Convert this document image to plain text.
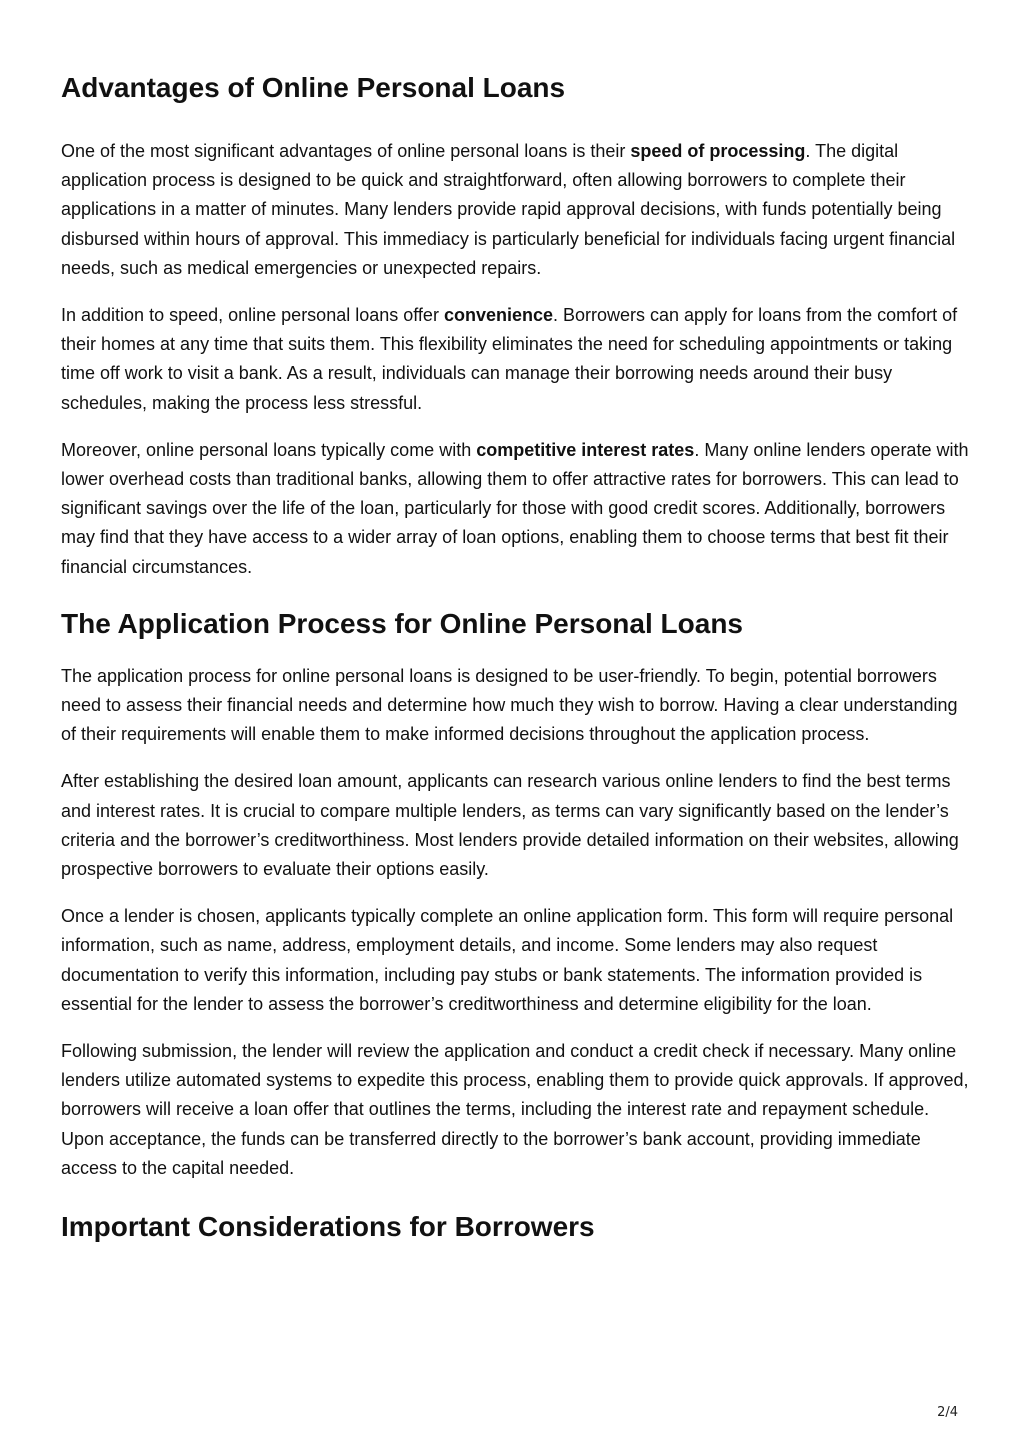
Advantages of Online Personal Loans

One of the most significant advantages of online personal loans is their speed of processing. The digital application process is designed to be quick and straightforward, often allowing borrowers to complete their applications in a matter of minutes. Many lenders provide rapid approval decisions, with funds potentially being disbursed within hours of approval. This immediacy is particularly beneficial for individuals facing urgent financial needs, such as medical emergencies or unexpected repairs.

In addition to speed, online personal loans offer convenience. Borrowers can apply for loans from the comfort of their homes at any time that suits them. This flexibility eliminates the need for scheduling appointments or taking time off work to visit a bank. As a result, individuals can manage their borrowing needs around their busy schedules, making the process less stressful.

Moreover, online personal loans typically come with competitive interest rates. Many online lenders operate with lower overhead costs than traditional banks, allowing them to offer attractive rates for borrowers. This can lead to significant savings over the life of the loan, particularly for those with good credit scores. Additionally, borrowers may find that they have access to a wider array of loan options, enabling them to choose terms that best fit their financial circumstances.

The Application Process for Online Personal Loans

The application process for online personal loans is designed to be user-friendly. To begin, potential borrowers need to assess their financial needs and determine how much they wish to borrow. Having a clear understanding of their requirements will enable them to make informed decisions throughout the application process.

After establishing the desired loan amount, applicants can research various online lenders to find the best terms and interest rates. It is crucial to compare multiple lenders, as terms can vary significantly based on the lender’s criteria and the borrower’s creditworthiness. Most lenders provide detailed information on their websites, allowing prospective borrowers to evaluate their options easily.

Once a lender is chosen, applicants typically complete an online application form. This form will require personal information, such as name, address, employment details, and income. Some lenders may also request documentation to verify this information, including pay stubs or bank statements. The information provided is essential for the lender to assess the borrower’s creditworthiness and determine eligibility for the loan.

Following submission, the lender will review the application and conduct a credit check if necessary. Many online lenders utilize automated systems to expedite this process, enabling them to provide quick approvals. If approved, borrowers will receive a loan offer that outlines the terms, including the interest rate and repayment schedule. Upon acceptance, the funds can be transferred directly to the borrower’s bank account, providing immediate access to the capital needed.

Important Considerations for Borrowers
2/4
